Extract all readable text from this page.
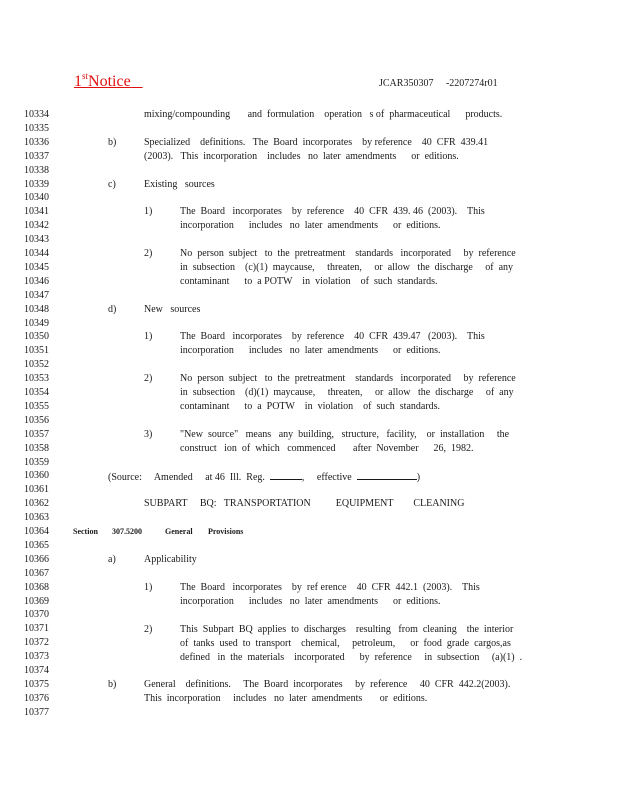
1stNotice	JCAR350307     -2207274r01
10334
10335
10336
10337
10338
10339
10340
10341
10342
10343
10344
10345
10346
10347
10348
10349
10350
10351
10352
10353
10354
10355
10356
10357
10358
10359
10360
10361
10362
10363
10364
10365
10366
10367
10368
10369
10370
10371
10372
10373
10374
10375
10376
10377
mixing/compounding       and  formulation    operation   s of  pharmaceutical      products.
b)	Specialized    definitions.   The  Board  incorporates    by reference    40  CFR  439.41
(2003).   This  incorporation    includes   no  later  amendments      or  editions.
c)	Existing   sources
1)	The  Board   incorporates    by  reference    40  CFR  439. 46  (2003).    This
incorporation      includes   no  later  amendments      or  editions.
2)	No  person  subject   to  the  pretreatment    standards   incorporated     by  reference
in  subsection    (c)(1)  maycause,     threaten,     or  allow   the  discharge     of  any
contaminant      to  a POTW    in  violation    of  such  standards.
d)	New   sources
1)	The  Board   incorporates    by  reference    40  CFR  439.47   (2003).    This
incorporation      includes   no  later  amendments      or  editions.
2)	No  person  subject   to  the  pretreatment    standards   incorporated     by  reference
in  subsection    (d)(1)  maycause,     threaten,     or  allow   the  discharge     of  any
contaminant      to  a  POTW    in  violation    of  such  standards.
3)	"New  source"   means   any  building,   structure,   facility,    or  installation     the
construct   ion  of  which   commenced       after  November      26,  1982.
(Source:     Amended     at 46  Ill.  Reg.	,     effective	)
SUBPART     BQ:   TRANSPORTATION          EQUIPMENT        CLEANING
Section 307.5200	General Provisions
a)	Applicability
1)	The  Board   incorporates    by  ref erence    40  CFR  442.1  (2003).    This
incorporation      includes   no  later  amendments      or  editions.
2)	This  Subpart  BQ  applies  to  discharges    resulting   from  cleaning    the  interior
of  tanks  used  to  transport    chemical,     petroleum,      or  food  grade  cargos,as
defined   in  the  materials    incorporated      by  reference     in  subsection     (a)(1)  .
b)	General    definitions.     The  Board  incorporates     by  reference     40  CFR  442.2(2003).
This  incorporation     includes   no  later  amendments       or  editions.
